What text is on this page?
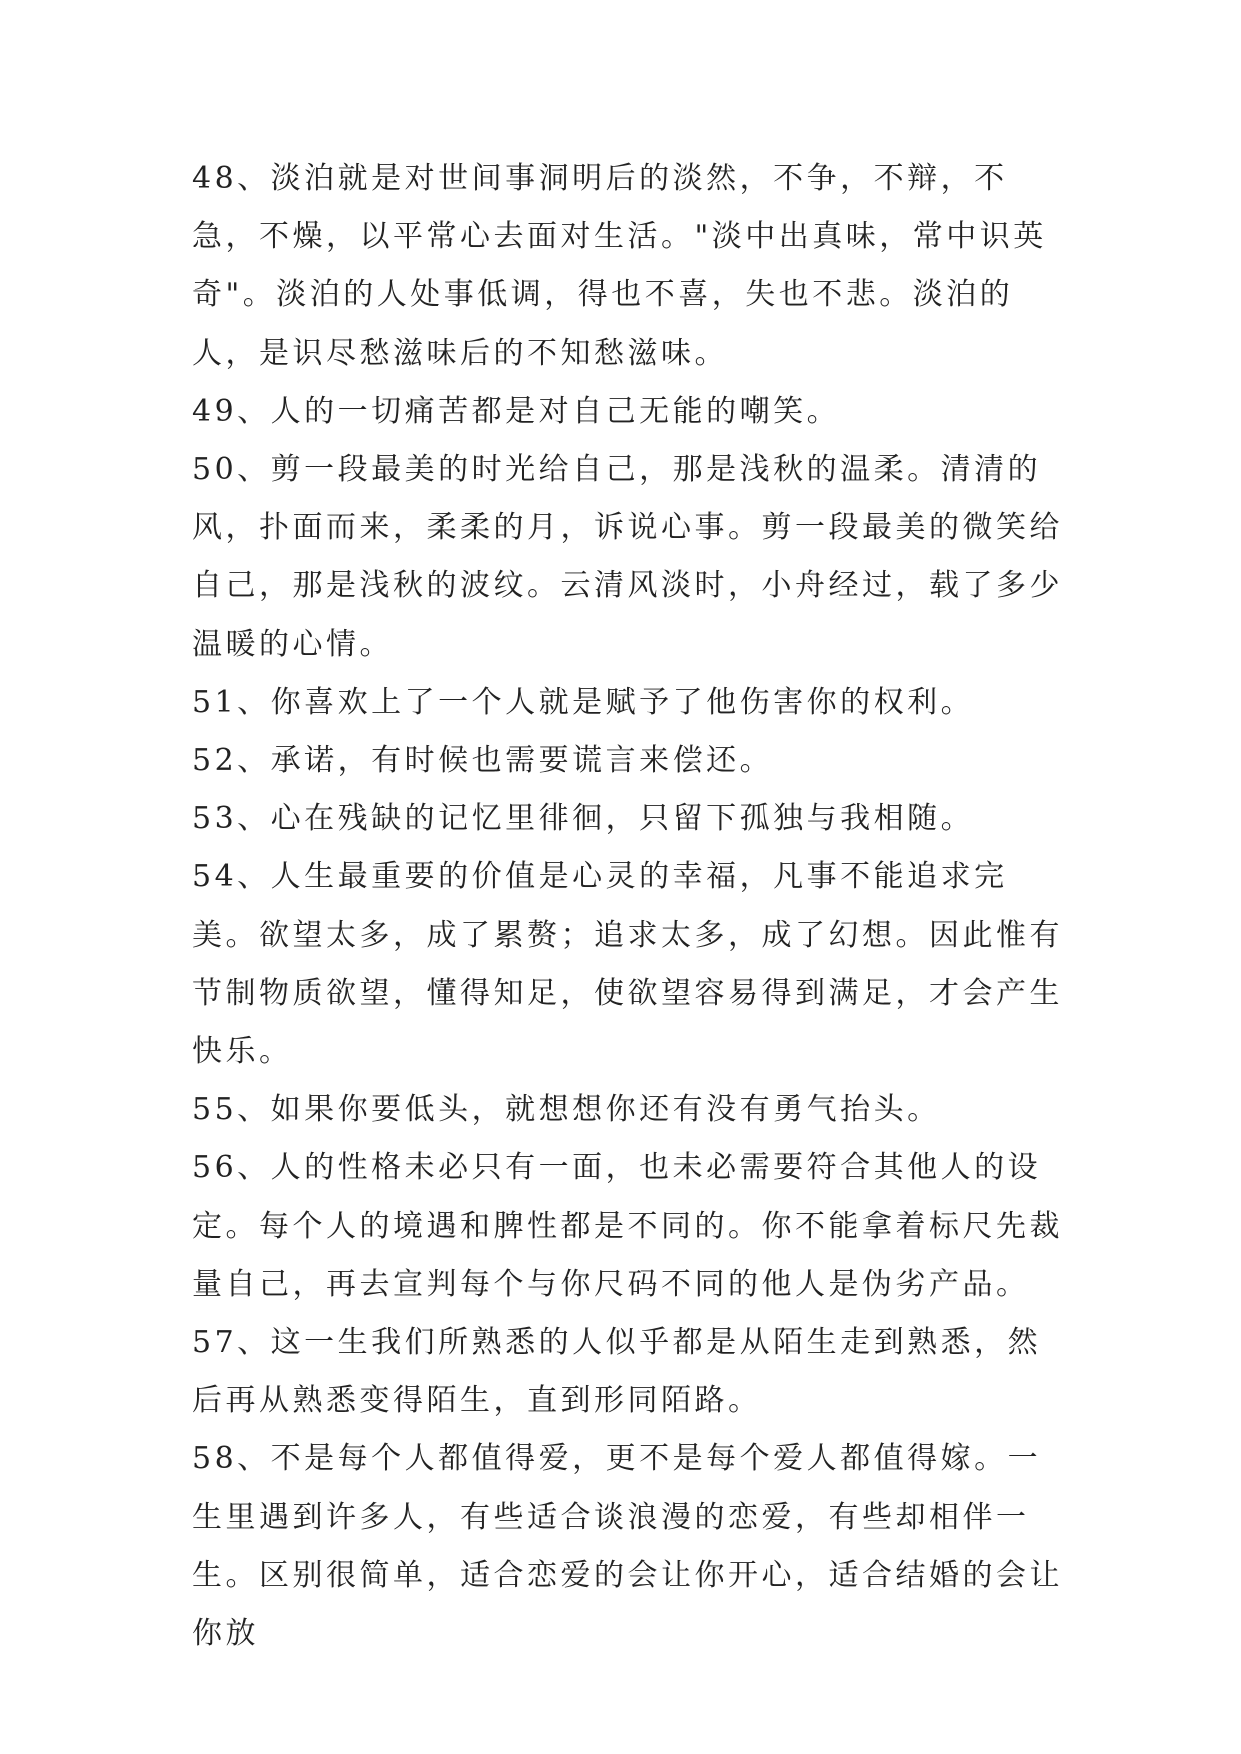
48、淡泊就是对世间事洞明后的淡然，不争，不辩，不急，不燥，以平常心去面对生活。"淡中出真味，常中识英奇"。淡泊的人处事低调，得也不喜，失也不悲。淡泊的人，是识尽愁滋味后的不知愁滋味。

49、人的一切痛苦都是对自己无能的嘲笑。

50、剪一段最美的时光给自己，那是浅秋的温柔。清清的风，扑面而来，柔柔的月，诉说心事。剪一段最美的微笑给自己，那是浅秋的波纹。云清风淡时，小舟经过，载了多少温暖的心情。

51、你喜欢上了一个人就是赋予了他伤害你的权利。

52、承诺，有时候也需要谎言来偿还。

53、心在残缺的记忆里徘徊，只留下孤独与我相随。

54、人生最重要的价值是心灵的幸福，凡事不能追求完美。欲望太多，成了累赘；追求太多，成了幻想。因此惟有节制物质欲望，懂得知足，使欲望容易得到满足，才会产生快乐。

55、如果你要低头，就想想你还有没有勇气抬头。

56、人的性格未必只有一面，也未必需要符合其他人的设定。每个人的境遇和脾性都是不同的。你不能拿着标尺先裁量自己，再去宣判每个与你尺码不同的他人是伪劣产品。

57、这一生我们所熟悉的人似乎都是从陌生走到熟悉，然后再从熟悉变得陌生，直到形同陌路。

58、不是每个人都值得爱，更不是每个爱人都值得嫁。一生里遇到许多人，有些适合谈浪漫的恋爱，有些却相伴一生。区别很简单，适合恋爱的会让你开心，适合结婚的会让你放
